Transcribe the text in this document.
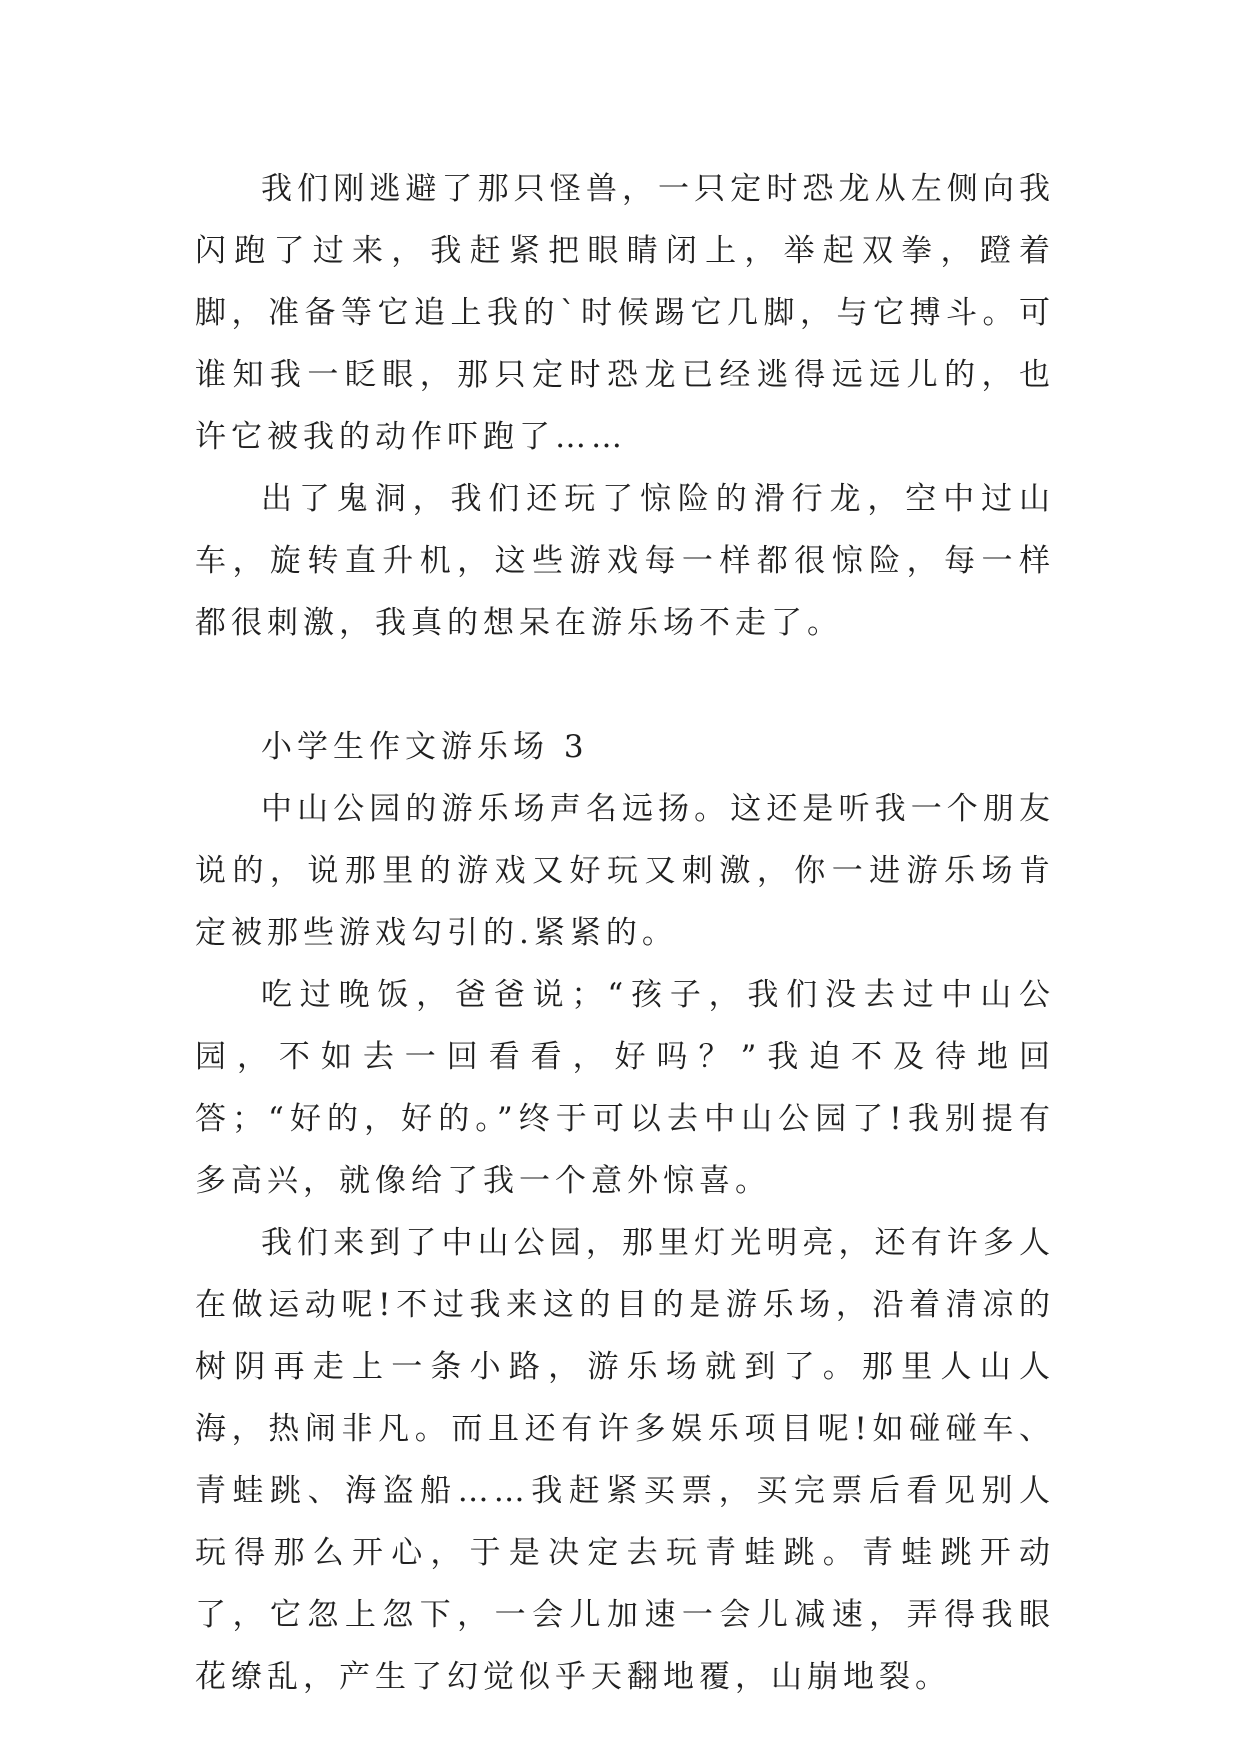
我们刚逃避了那只怪兽，一只定时恐龙从左侧向我闪跑了过来，我赶紧把眼睛闭上，举起双拳，蹬着脚，准备等它追上我的`时候踢它几脚，与它搏斗。可谁知我一眨眼，那只定时恐龙已经逃得远远儿的，也许它被我的动作吓跑了……

出了鬼洞，我们还玩了惊险的滑行龙，空中过山车，旋转直升机，这些游戏每一样都很惊险，每一样都很刺激，我真的想呆在游乐场不走了。

小学生作文游乐场 3

中山公园的游乐场声名远扬。这还是听我一个朋友说的，说那里的游戏又好玩又刺激，你一进游乐场肯定被那些游戏勾引的.紧紧的。

吃过晚饭，爸爸说；“孩子，我们没去过中山公园，不如去一回看看，好吗？”我迫不及待地回答；“好的，好的。”终于可以去中山公园了!我别提有多高兴，就像给了我一个意外惊喜。

我们来到了中山公园，那里灯光明亮，还有许多人在做运动呢!不过我来这的目的是游乐场，沿着清凉的树阴再走上一条小路，游乐场就到了。那里人山人海，热闹非凡。而且还有许多娱乐项目呢!如碰碰车、青蛙跳、海盗船……我赶紧买票，买完票后看见别人玩得那么开心，于是决定去玩青蛙跳。青蛙跳开动了，它忽上忽下，一会儿加速一会儿减速，弄得我眼花缭乱，产生了幻觉似乎天翻地覆，山崩地裂。
